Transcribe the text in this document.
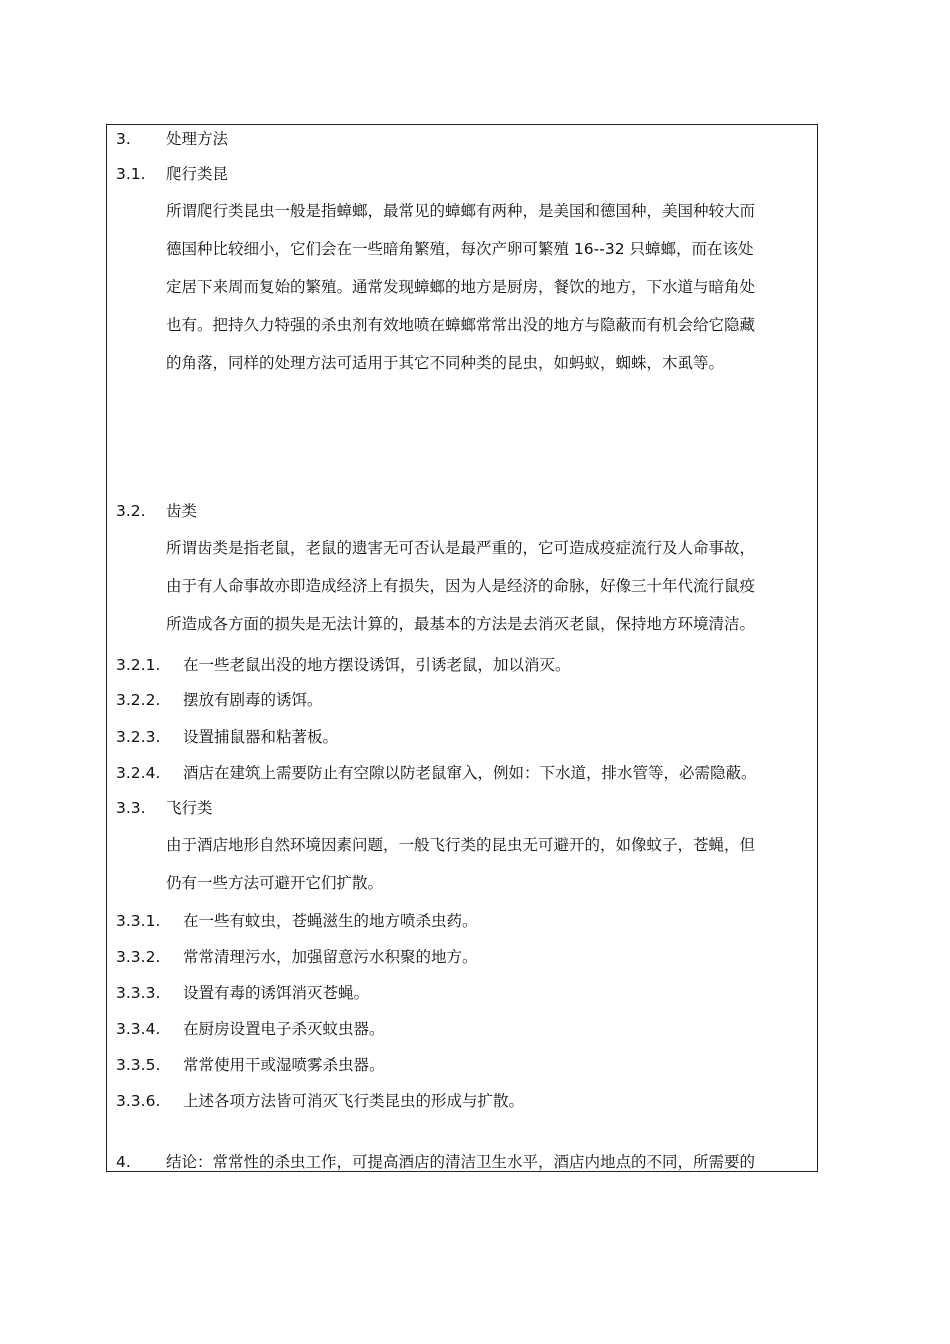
3. 处理方法
3.1. 爬行类昆
所谓爬行类昆虫一般是指蟑螂，最常见的蟑螂有两种，是美国和德国种，美国种较大而
德国种比较细小，它们会在一些暗角繁殖，每次产卵可繁殖 16--32 只蟑螂，而在该处
定居下来周而复始的繁殖。通常发现蟑螂的地方是厨房，餐饮的地方，下水道与暗角处
也有。把持久力特强的杀虫剂有效地喷在蟑螂常常出没的地方与隐蔽而有机会给它隐藏
的角落，同样的处理方法可适用于其它不同种类的昆虫，如蚂蚁，蜘蛛，木虱等。
3.2. 齿类
所谓齿类是指老鼠，老鼠的遗害无可否认是最严重的，它可造成疫症流行及人命事故，
由于有人命事故亦即造成经济上有损失，因为人是经济的命脉，好像三十年代流行鼠疫
所造成各方面的损失是无法计算的，最基本的方法是去消灭老鼠，保持地方环境清洁。
3.2.1. 在一些老鼠出没的地方摆设诱饵，引诱老鼠，加以消灭。
3.2.2. 摆放有剧毒的诱饵。
3.2.3. 设置捕鼠器和粘著板。
3.2.4. 酒店在建筑上需要防止有空隙以防老鼠窜入，例如：下水道，排水管等，必需隐蔽。
3.3. 飞行类
由于酒店地形自然环境因素问题，一般飞行类的昆虫无可避开的，如像蚊子，苍蝇，但
仍有一些方法可避开它们扩散。
3.3.1. 在一些有蚊虫，苍蝇滋生的地方喷杀虫药。
3.3.2. 常常清理污水，加强留意污水积聚的地方。
3.3.3. 设置有毒的诱饵消灭苍蝇。
3.3.4. 在厨房设置电子杀灭蚊虫器。
3.3.5. 常常使用干或湿喷雾杀虫器。
3.3.6. 上述各项方法皆可消灭飞行类昆虫的形成与扩散。
4. 结论：常常性的杀虫工作，可提高酒店的清洁卫生水平，酒店内地点的不同，所需要的
